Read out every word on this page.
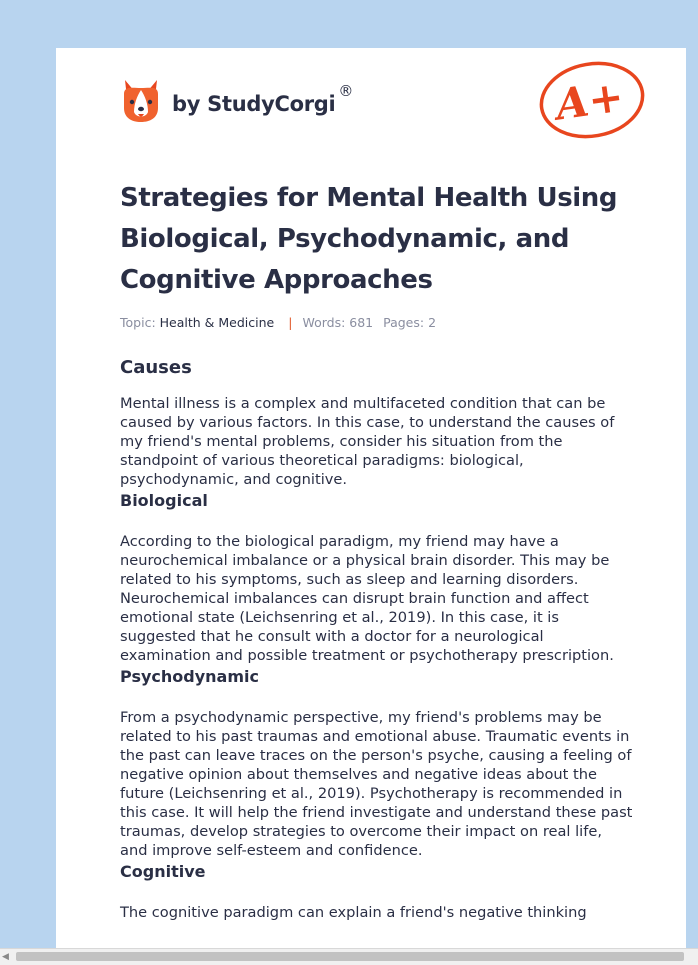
by StudyCorgi®	A+
Strategies for Mental Health Using Biological, Psychodynamic, and Cognitive Approaches
Topic: Health & Medicine | Words: 681 Pages: 2
Causes

Mental illness is a complex and multifaceted condition that can be caused by various factors. In this case, to understand the causes of my friend's mental problems, consider his situation from the standpoint of various theoretical paradigms: biological, psychodynamic, and cognitive.

Biological

According to the biological paradigm, my friend may have a neurochemical imbalance or a physical brain disorder. This may be related to his symptoms, such as sleep and learning disorders. Neurochemical imbalances can disrupt brain function and affect emotional state (Leichsenring et al., 2019). In this case, it is suggested that he consult with a doctor for a neurological examination and possible treatment or psychotherapy prescription.

Psychodynamic

From a psychodynamic perspective, my friend's problems may be related to his past traumas and emotional abuse. Traumatic events in the past can leave traces on the person's psyche, causing a feeling of negative opinion about themselves and negative ideas about the future (Leichsenring et al., 2019). Psychotherapy is recommended in this case. It will help the friend investigate and understand these past traumas, develop strategies to overcome their impact on real life, and improve self-esteem and confidence.

Cognitive

The cognitive paradigm can explain a friend's negative thinking

◀
